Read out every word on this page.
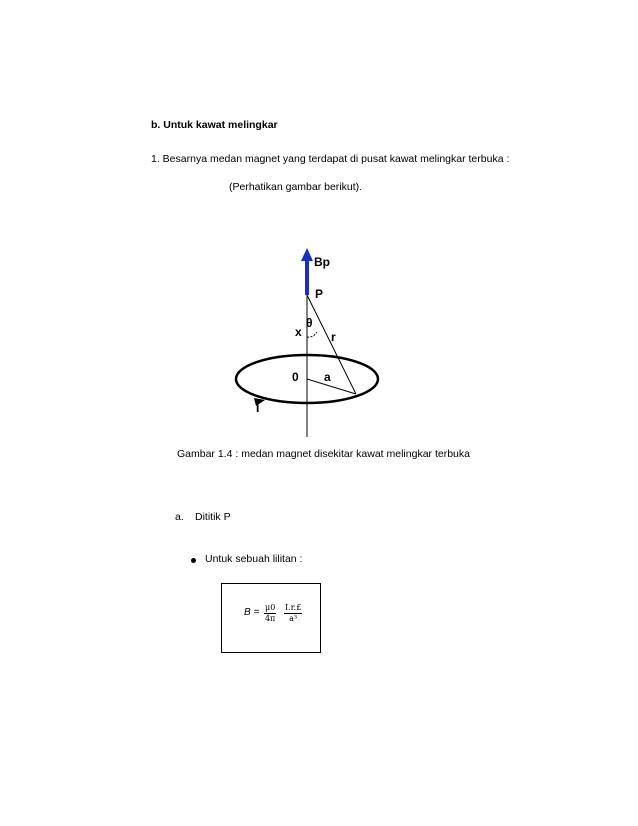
b. Untuk kawat melingkar
1. Besarnya medan magnet yang terdapat di pusat kawat melingkar terbuka :
(Perhatikan gambar berikut).
Bp
P
θ
x r
0 a
I
Gambar 1.4 : medan magnet disekitar kawat melingkar terbuka
a. Dititik P
Untuk sebuah lilitan :
$B = \frac{\mu 0}{4\pi} \frac{I.r.£}{\text{a³}}$
